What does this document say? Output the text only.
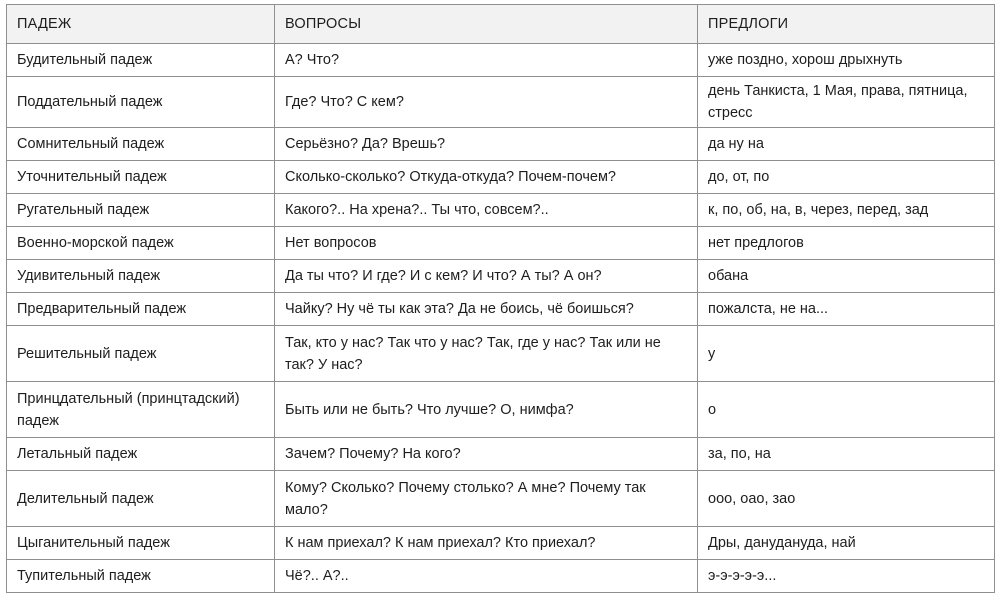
ПАДЕЖ	ВОПРОСЫ	ПРЕДЛОГИ
Будительный падеж	А? Что?	уже поздно, хорош дрыхнуть
Поддательный падеж	Где? Что? С кем?	день Танкиста, 1 Мая, права, пятница, стресс
Сомнительный падеж	Серьёзно? Да? Врешь?	да ну на
Уточнительный падеж	Сколько-сколько? Откуда-откуда? Почем-почем?	до, от, по
Ругательный падеж	Какого?.. На хрена?.. Ты что, совсем?..	к, по, об, на, в, через, перед, зад
Военно-морской падеж	Нет вопросов	нет предлогов
Удивительный падеж	Да ты что? И где? И с кем? И что? А ты? А он?	обана
Предварительный падеж	Чайку? Ну чё ты как эта? Да не боись, чё боишься?	пожалста, не на...
Решительный падеж	Так, кто у нас? Так что у нас? Так, где у нас? Так или не так? У нас?	у
Принцдательный (принцтадский) падеж	Быть или не быть? Что лучше? О, нимфа?	о
Летальный падеж	Зачем? Почему? На кого?	за, по, на
Делительный падеж	Кому? Сколько? Почему столько? А мне? Почему так мало?	ооо, оао, зао
Цыганительный падеж	К нам приехал? К нам приехал? Кто приехал?	Дры, данудануда, най
Тупительный падеж	Чё?.. А?..	э-э-э-э-э...
